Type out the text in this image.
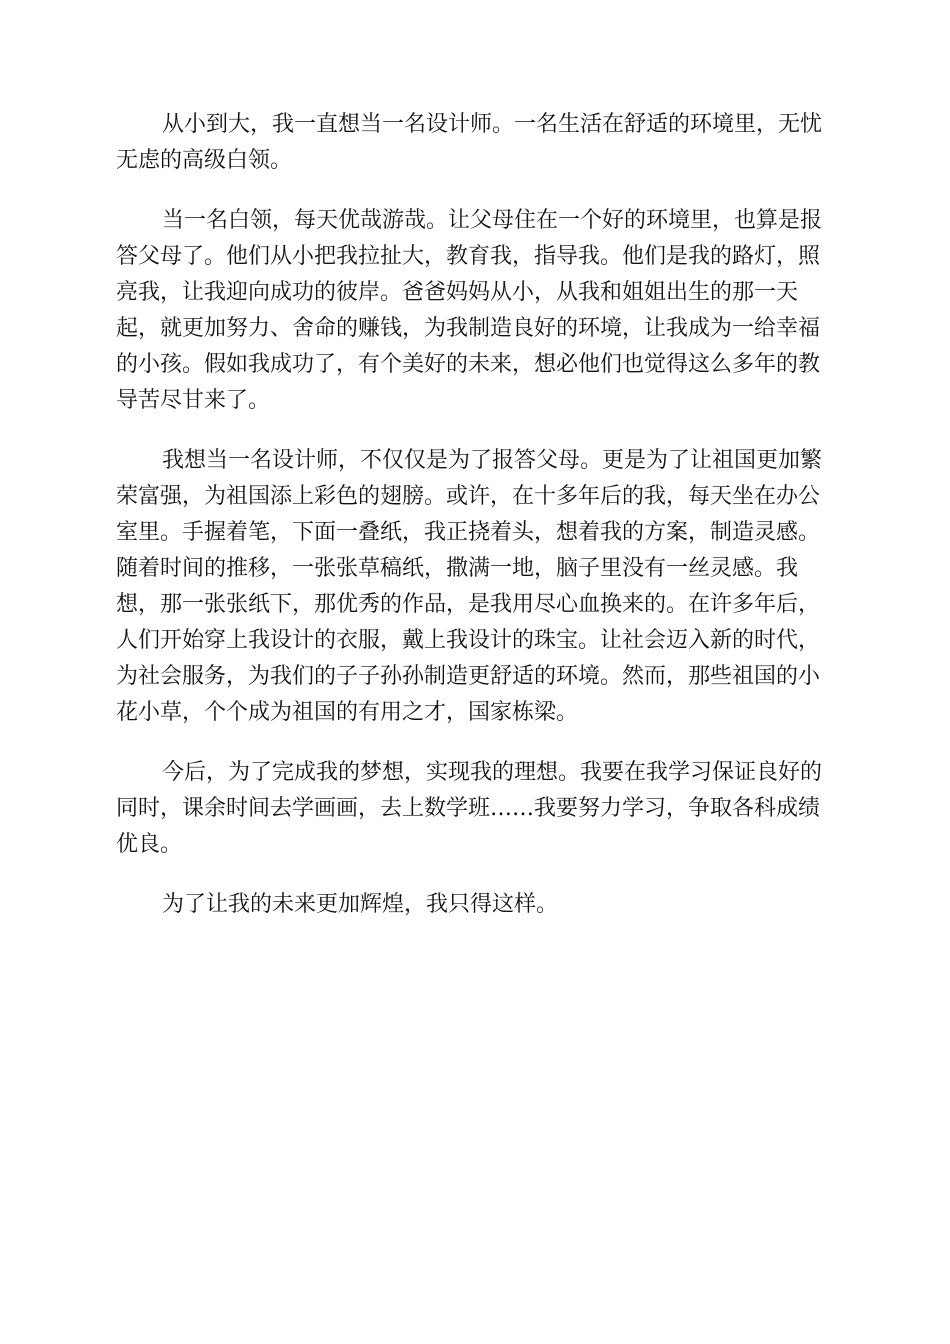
从小到大，我一直想当一名设计师。一名生活在舒适的环境里，无忧
无虑的高级白领。

当一名白领，每天优哉游哉。让父母住在一个好的环境里，也算是报
答父母了。他们从小把我拉扯大，教育我，指导我。他们是我的路灯，照
亮我，让我迎向成功的彼岸。爸爸妈妈从小，从我和姐姐出生的那一天
起，就更加努力、舍命的赚钱，为我制造良好的环境，让我成为一给幸福
的小孩。假如我成功了，有个美好的未来，想必他们也觉得这么多年的教
导苦尽甘来了。

我想当一名设计师，不仅仅是为了报答父母。更是为了让祖国更加繁
荣富强，为祖国添上彩色的翅膀。或许，在十多年后的我，每天坐在办公
室里。手握着笔，下面一叠纸，我正挠着头，想着我的方案，制造灵感。
随着时间的推移，一张张草稿纸，撒满一地，脑子里没有一丝灵感。我
想，那一张张纸下，那优秀的作品，是我用尽心血换来的。在许多年后，
人们开始穿上我设计的衣服，戴上我设计的珠宝。让社会迈入新的时代，
为社会服务，为我们的子子孙孙制造更舒适的环境。然而，那些祖国的小
花小草，个个成为祖国的有用之才，国家栋梁。

今后，为了完成我的梦想，实现我的理想。我要在我学习保证良好的
同时，课余时间去学画画，去上数学班……我要努力学习，争取各科成绩
优良。

为了让我的未来更加辉煌，我只得这样。
